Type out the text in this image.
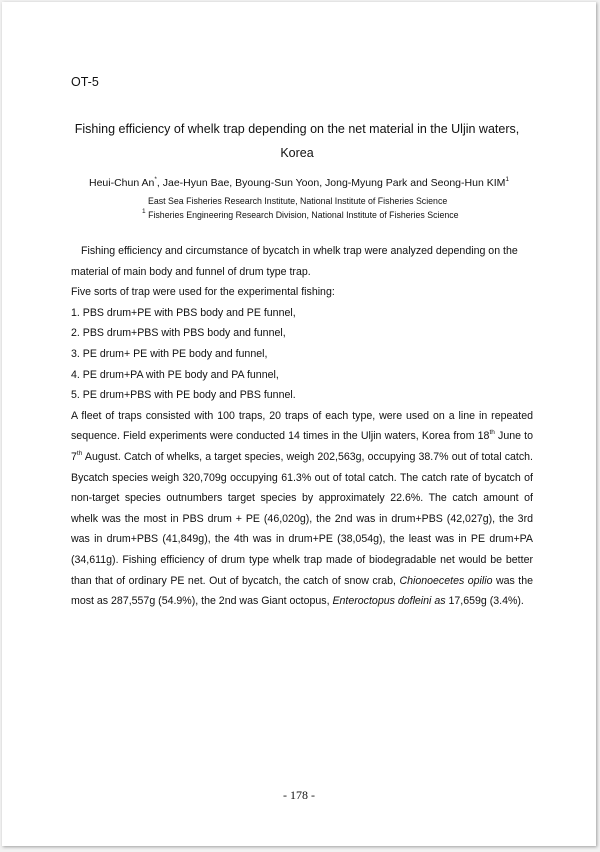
OT-5
Fishing efficiency of whelk trap depending on the net material in the Uljin waters,
Korea
Heui-Chun An*, Jae-Hyun Bae, Byoung-Sun Yoon, Jong-Myung Park and Seong-Hun KIM$^1$
East Sea Fisheries Research Institute, National Institute of Fisheries Science
$^1$ Fisheries Engineering Research Division, National Institute of Fisheries Science

Fishing efficiency and circumstance of bycatch in whelk trap were analyzed depending on the material of main body and funnel of drum type trap.

Five sorts of trap were used for the experimental fishing:

1. PBS drum+PE with PBS body and PE funnel,

2. PBS drum+PBS with PBS body and funnel,

3. PE drum+ PE with PE body and funnel,

4. PE drum+PA with PE body and PA funnel,

5. PE drum+PBS with PE body and PBS funnel.

A fleet of traps consisted with 100 traps, 20 traps of each type, were used on a line in repeated sequence. Field experiments were conducted 14 times in the Uljin waters, Korea from 18th June to 7th August. Catch of whelks, a target species, weigh 202,563g, occupying 38.7% out of total catch. Bycatch species weigh 320,709g occupying 61.3% out of total catch. The catch rate of bycatch of non-target species outnumbers target species by approximately 22.6%. The catch amount of whelk was the most in PBS drum + PE (46,020g), the 2nd was in drum+PBS (42,027g), the 3rd was in drum+PBS (41,849g), the 4th was in drum+PE (38,054g), the least was in PE drum+PA (34,611g). Fishing efficiency of drum type whelk trap made of biodegradable net would be better than that of ordinary PE net. Out of bycatch, the catch of snow crab, Chionoecetes opilio was the most as 287,557g (54.9%), the 2nd was Giant octopus, Enteroctopus dofleini as 17,659g (3.4%).

- 178 -
